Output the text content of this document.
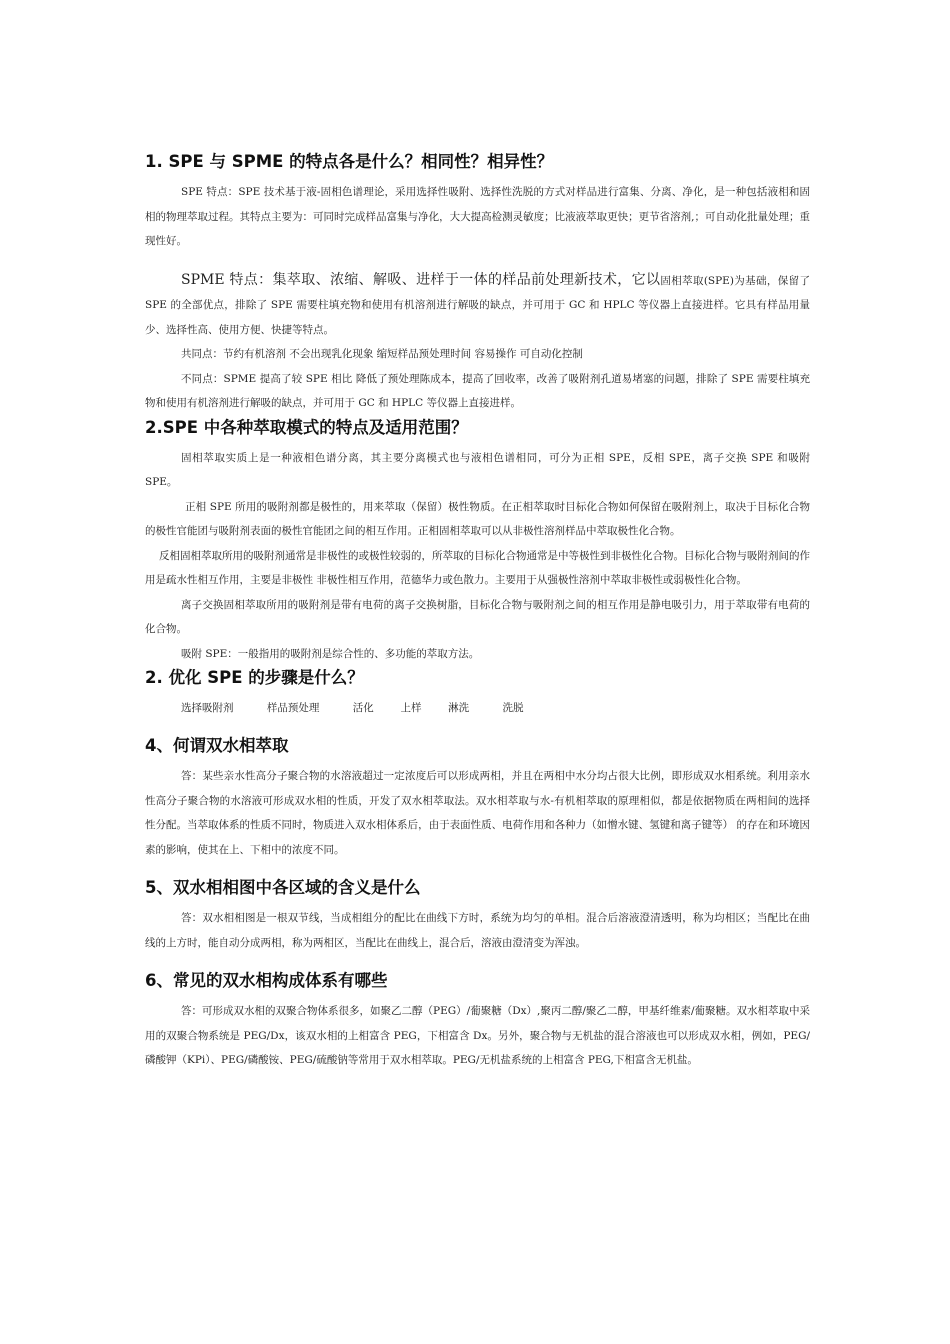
1. SPE 与 SPME 的特点各是什么？相同性？相异性？

SPE 特点：SPE 技术基于液-固相色谱理论，采用选择性吸附、选择性洗脱的方式对样品进行富集、分离、净化，是一种包括液相和固相的物理萃取过程。其特点主要为：可同时完成样品富集与净化，大大提高检测灵敏度；比液液萃取更快；更节省溶剂,；可自动化批量处理；重现性好。

SPME 特点：集萃取、浓缩、解吸、进样于一体的样品前处理新技术，它以固相萃取(SPE)为基础，保留了 SPE 的全部优点，排除了 SPE 需要柱填充物和使用有机溶剂进行解吸的缺点，并可用于 GC 和 HPLC 等仪器上直接进样。它具有样品用量少、选择性高、使用方便、快捷等特点。

共同点：节约有机溶剂 不会出现乳化现象 缩短样品预处理时间 容易操作 可自动化控制

不同点：SPME 提高了较 SPE 相比 降低了预处理陈成本，提高了回收率，改善了吸附剂孔道易堵塞的问题，排除了 SPE 需要柱填充物和使用有机溶剂进行解吸的缺点，并可用于 GC 和 HPLC 等仪器上直接进样。

2.SPE 中各种萃取模式的特点及适用范围？

固相萃取实质上是一种液相色谱分离，其主要分离模式也与液相色谱相同，可分为正相 SPE，反相 SPE，离子交换 SPE 和吸附 SPE。

正相 SPE 所用的吸附剂都是极性的，用来萃取（保留）极性物质。在正相萃取时目标化合物如何保留在吸附剂上，取决于目标化合物的极性官能团与吸附剂表面的极性官能团之间的相互作用。正相固相萃取可以从非极性溶剂样品中萃取极性化合物。

反相固相萃取所用的吸附剂通常是非极性的或极性较弱的，所萃取的目标化合物通常是中等极性到非极性化合物。目标化合物与吸附剂间的作用是疏水性相互作用，主要是非极性 非极性相互作用，范德华力或色散力。主要用于从强极性溶剂中萃取非极性或弱极性化合物。

离子交换固相萃取所用的吸附剂是带有电荷的离子交换树脂，目标化合物与吸附剂之间的相互作用是静电吸引力，用于萃取带有电荷的化合物。

吸附 SPE：一般指用的吸附剂是综合性的、多功能的萃取方法。

2. 优化 SPE 的步骤是什么？
选择吸附剂          样品预处理          活化        上样        淋洗          洗脱
4、何谓双水相萃取

答：某些亲水性高分子聚合物的水溶液超过一定浓度后可以形成两相，并且在两相中水分均占很大比例，即形成双水相系统。利用亲水性高分子聚合物的水溶液可形成双水相的性质，开发了双水相萃取法。双水相萃取与水-有机相萃取的原理相似，都是依据物质在两相间的选择性分配。当萃取体系的性质不同时，物质进入双水相体系后，由于表面性质、电荷作用和各种力（如憎水键、氢键和离子键等） 的存在和环境因素的影响，使其在上、下相中的浓度不同。

5、双水相相图中各区域的含义是什么

答：双水相相图是一根双节线，当成相组分的配比在曲线下方时，系统为均匀的单相。混合后溶液澄清透明，称为均相区；当配比在曲线的上方时，能自动分成两相，称为两相区，当配比在曲线上，混合后，溶液由澄清变为浑浊。

6、常见的双水相构成体系有哪些

答：可形成双水相的双聚合物体系很多，如聚乙二醇（PEG）/葡聚糖（Dx）,聚丙二醇/聚乙二醇，甲基纤维素/葡聚糖。双水相萃取中采用的双聚合物系统是 PEG/Dx，该双水相的上相富含 PEG，下相富含 Dx。另外，聚合物与无机盐的混合溶液也可以形成双水相，例如，PEG/磷酸钾（KPi）、PEG/磷酸铵、PEG/硫酸钠等常用于双水相萃取。PEG/无机盐系统的上相富含 PEG,下相富含无机盐。
